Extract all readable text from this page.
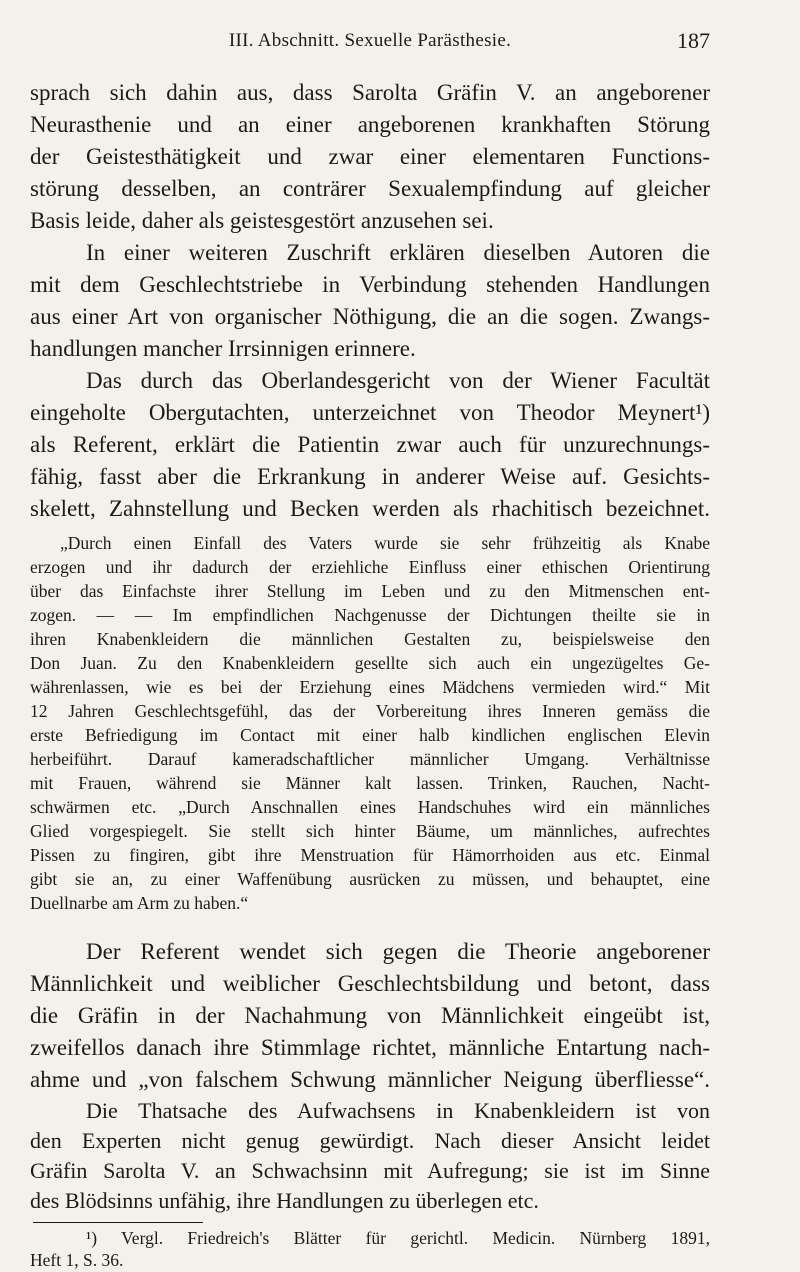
III. Abschnitt. Sexuelle Parästhesie.	187
sprach sich dahin aus, dass Sarolta Gräfin V. an angeborener
Neurasthenie und an einer angeborenen krankhaften Störung
der Geistesthätigkeit und zwar einer elementaren Functions-
störung desselben, an conträrer Sexualempfindung auf gleicher
Basis leide, daher als geistesgestört anzusehen sei.
In einer weiteren Zuschrift erklären dieselben Autoren die
mit dem Geschlechtstriebe in Verbindung stehenden Handlungen
aus einer Art von organischer Nöthigung, die an die sogen. Zwangs-
handlungen mancher Irrsinnigen erinnere.
Das durch das Oberlandesgericht von der Wiener Facultät
eingeholte Obergutachten, unterzeichnet von Theodor Meynert¹)
als Referent, erklärt die Patientin zwar auch für unzurechnungs-
fähig, fasst aber die Erkrankung in anderer Weise auf. Gesichts-
skelett, Zahnstellung und Becken werden als rhachitisch bezeichnet.
„Durch einen Einfall des Vaters wurde sie sehr frühzeitig als Knabe
erzogen und ihr dadurch der erziehliche Einfluss einer ethischen Orientirung
über das Einfachste ihrer Stellung im Leben und zu den Mitmenschen ent-
zogen. — — Im empfindlichen Nachgenusse der Dichtungen theilte sie in
ihren Knabenkleidern die männlichen Gestalten zu, beispielsweise den
Don Juan. Zu den Knabenkleidern gesellte sich auch ein ungezügeltes Ge-
währenlassen, wie es bei der Erziehung eines Mädchens vermieden wird.“ Mit
12 Jahren Geschlechtsgefühl, das der Vorbereitung ihres Inneren gemäss die
erste Befriedigung im Contact mit einer halb kindlichen englischen Elevin
herbeiführt. Darauf kameradschaftlicher männlicher Umgang. Verhältnisse
mit Frauen, während sie Männer kalt lassen. Trinken, Rauchen, Nacht-
schwärmen etc. „Durch Anschnallen eines Handschuhes wird ein männliches
Glied vorgespiegelt. Sie stellt sich hinter Bäume, um männliches, aufrechtes
Pissen zu fingiren, gibt ihre Menstruation für Hämorrhoiden aus etc. Einmal
gibt sie an, zu einer Waffenübung ausrücken zu müssen, und behauptet, eine
Duellnarbe am Arm zu haben.“
Der Referent wendet sich gegen die Theorie angeborener
Männlichkeit und weiblicher Geschlechtsbildung und betont, dass
die Gräfin in der Nachahmung von Männlichkeit eingeübt ist,
zweifellos danach ihre Stimmlage richtet, männliche Entartung nach-
ahme und „von falschem Schwung männlicher Neigung überfliesse“.
Die Thatsache des Aufwachsens in Knabenkleidern ist von
den Experten nicht genug gewürdigt. Nach dieser Ansicht leidet
Gräfin Sarolta V. an Schwachsinn mit Aufregung; sie ist im Sinne
des Blödsinns unfähig, ihre Handlungen zu überlegen etc.
¹) Vergl. Friedreich's Blätter für gerichtl. Medicin. Nürnberg 1891,
Heft 1, S. 36.
